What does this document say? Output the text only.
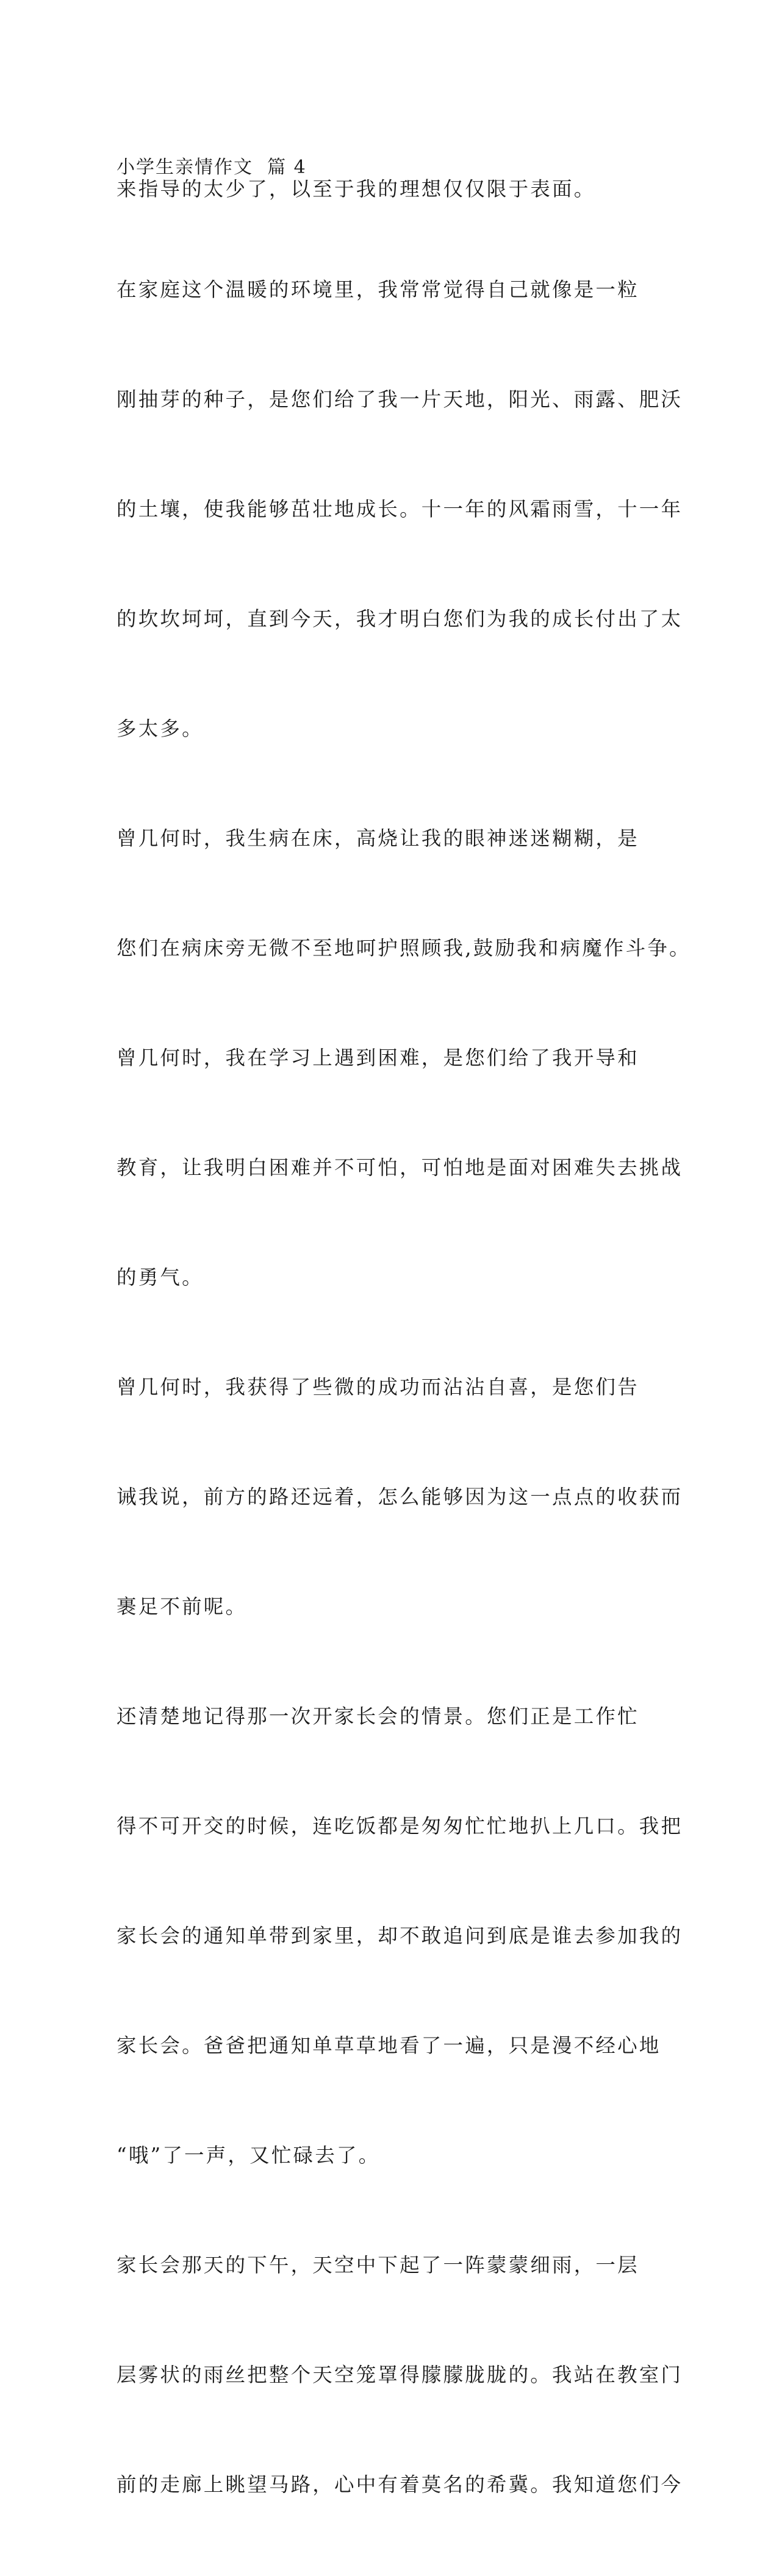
来指导的太少了，以至于我的理想仅仅限于表面。

小学生亲情作文  篇 4

在家庭这个温暖的环境里，我常常觉得自己就像是一粒

刚抽芽的种子，是您们给了我一片天地，阳光、雨露、肥沃

的土壤，使我能够茁壮地成长。十一年的风霜雨雪，十一年

的坎坎坷坷，直到今天，我才明白您们为我的成长付出了太

多太多。

曾几何时，我生病在床，高烧让我的眼神迷迷糊糊，是

您们在病床旁无微不至地呵护照顾我,鼓励我和病魔作斗争。

曾几何时，我在学习上遇到困难，是您们给了我开导和

教育，让我明白困难并不可怕，可怕地是面对困难失去挑战

的勇气。

曾几何时，我获得了些微的成功而沾沾自喜，是您们告

诫我说，前方的路还远着，怎么能够因为这一点点的收获而

裹足不前呢。

还清楚地记得那一次开家长会的情景。您们正是工作忙

得不可开交的时候，连吃饭都是匆匆忙忙地扒上几口。我把

家长会的通知单带到家里，却不敢追问到底是谁去参加我的

家长会。爸爸把通知单草草地看了一遍，只是漫不经心地

“哦”了一声，又忙碌去了。

家长会那天的下午，天空中下起了一阵蒙蒙细雨，一层

层雾状的雨丝把整个天空笼罩得朦朦胧胧的。我站在教室门

前的走廊上眺望马路，心中有着莫名的希冀。我知道您们今
